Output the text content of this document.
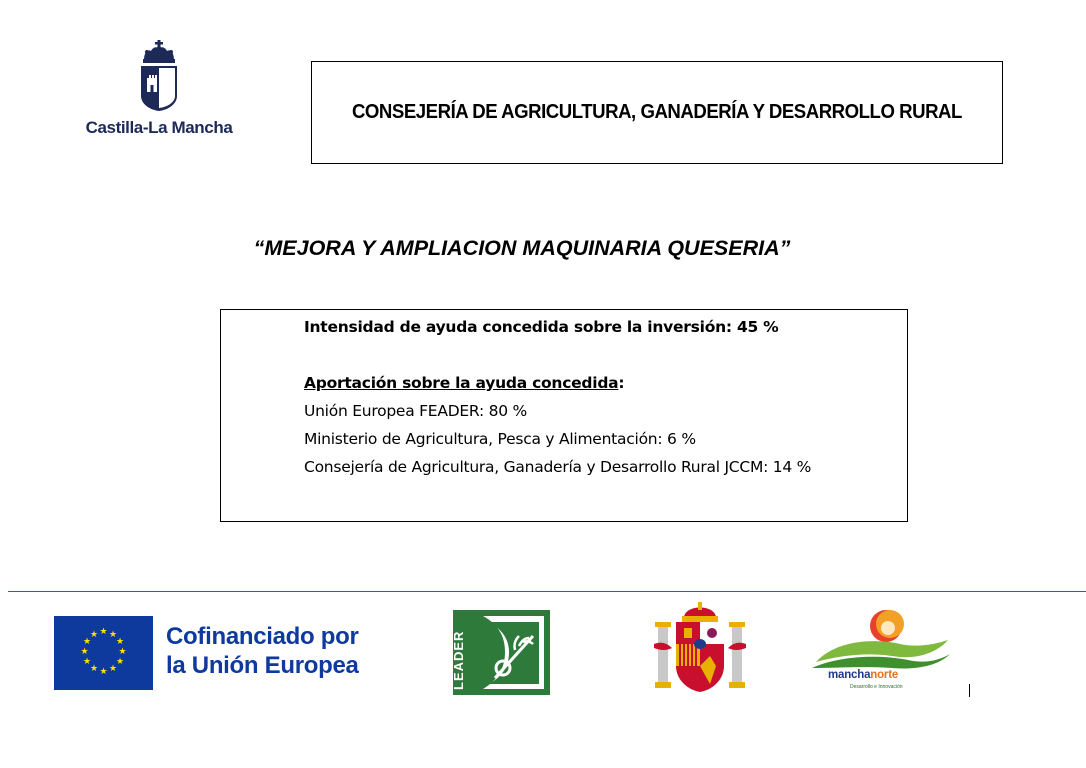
Castilla-La Mancha
CONSEJERÍA DE AGRICULTURA, GANADERÍA Y DESARROLLO RURAL
“MEJORA Y AMPLIACION MAQUINARIA QUESERIA”
Intensidad de ayuda concedida sobre la inversión: 45 %
Aportación sobre la ayuda concedida:
Unión Europea FEADER: 80 %
Ministerio de Agricultura, Pesca y Alimentación: 6 %
Consejería de Agricultura, Ganadería y Desarrollo Rural JCCM: 14 %
★ ★
★
★
★
★
★
★
★
★
★
★	Cofinanciado por
la Unión Europea	LEADER	manchanorte
Desarrollo e Innovación
